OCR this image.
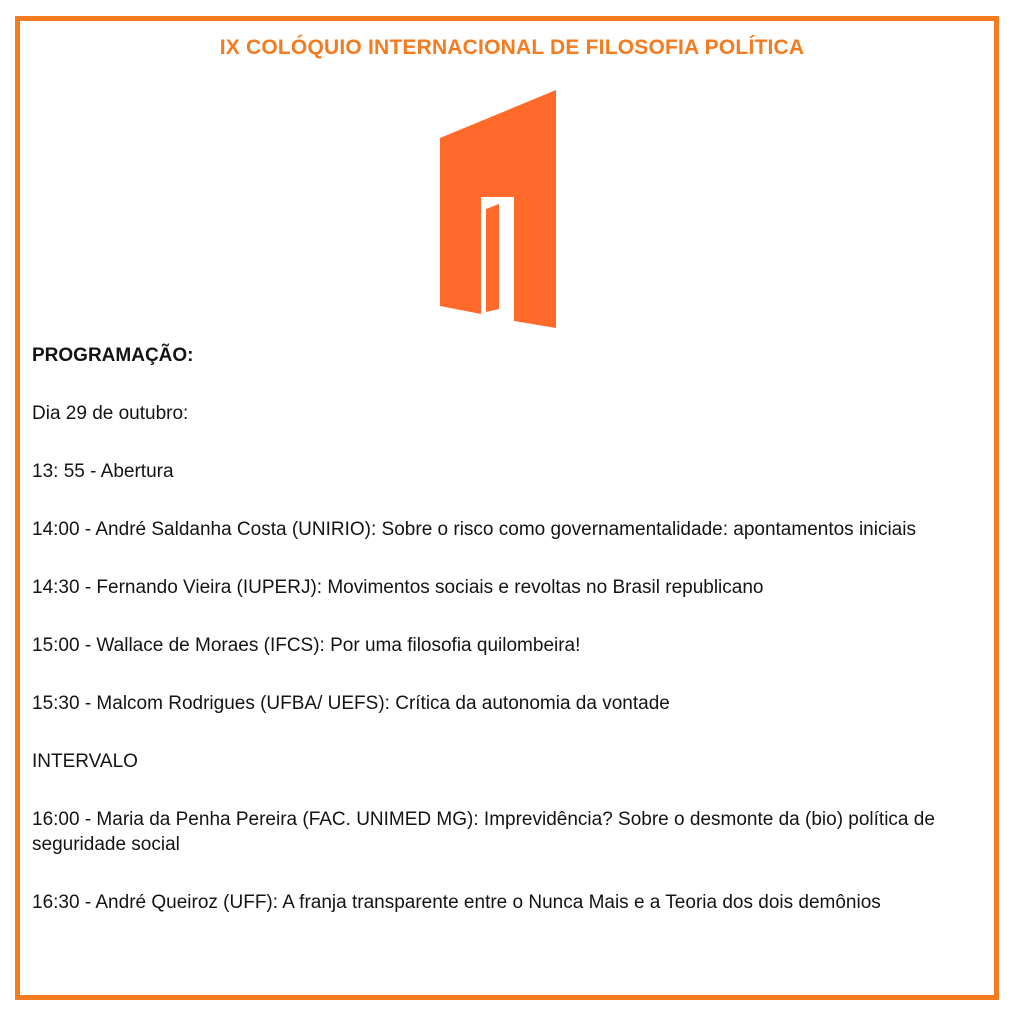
IX COLÓQUIO INTERNACIONAL DE FILOSOFIA POLÍTICA

PROGRAMAÇÃO:

Dia 29 de outubro:

13: 55 - Abertura

14:00 - André Saldanha Costa (UNIRIO): Sobre o risco como governamentalidade: apontamentos iniciais

14:30 - Fernando Vieira (IUPERJ): Movimentos sociais e revoltas no Brasil republicano

15:00 - Wallace de Moraes (IFCS): Por uma filosofia quilombeira!

15:30 - Malcom Rodrigues (UFBA/ UEFS): Crítica da autonomia da vontade

INTERVALO

16:00 - Maria da Penha Pereira (FAC. UNIMED MG): Imprevidência? Sobre o desmonte da (bio) política de seguridade social

16:30 - André Queiroz (UFF): A franja transparente entre o Nunca Mais e a Teoria dos dois demônios
